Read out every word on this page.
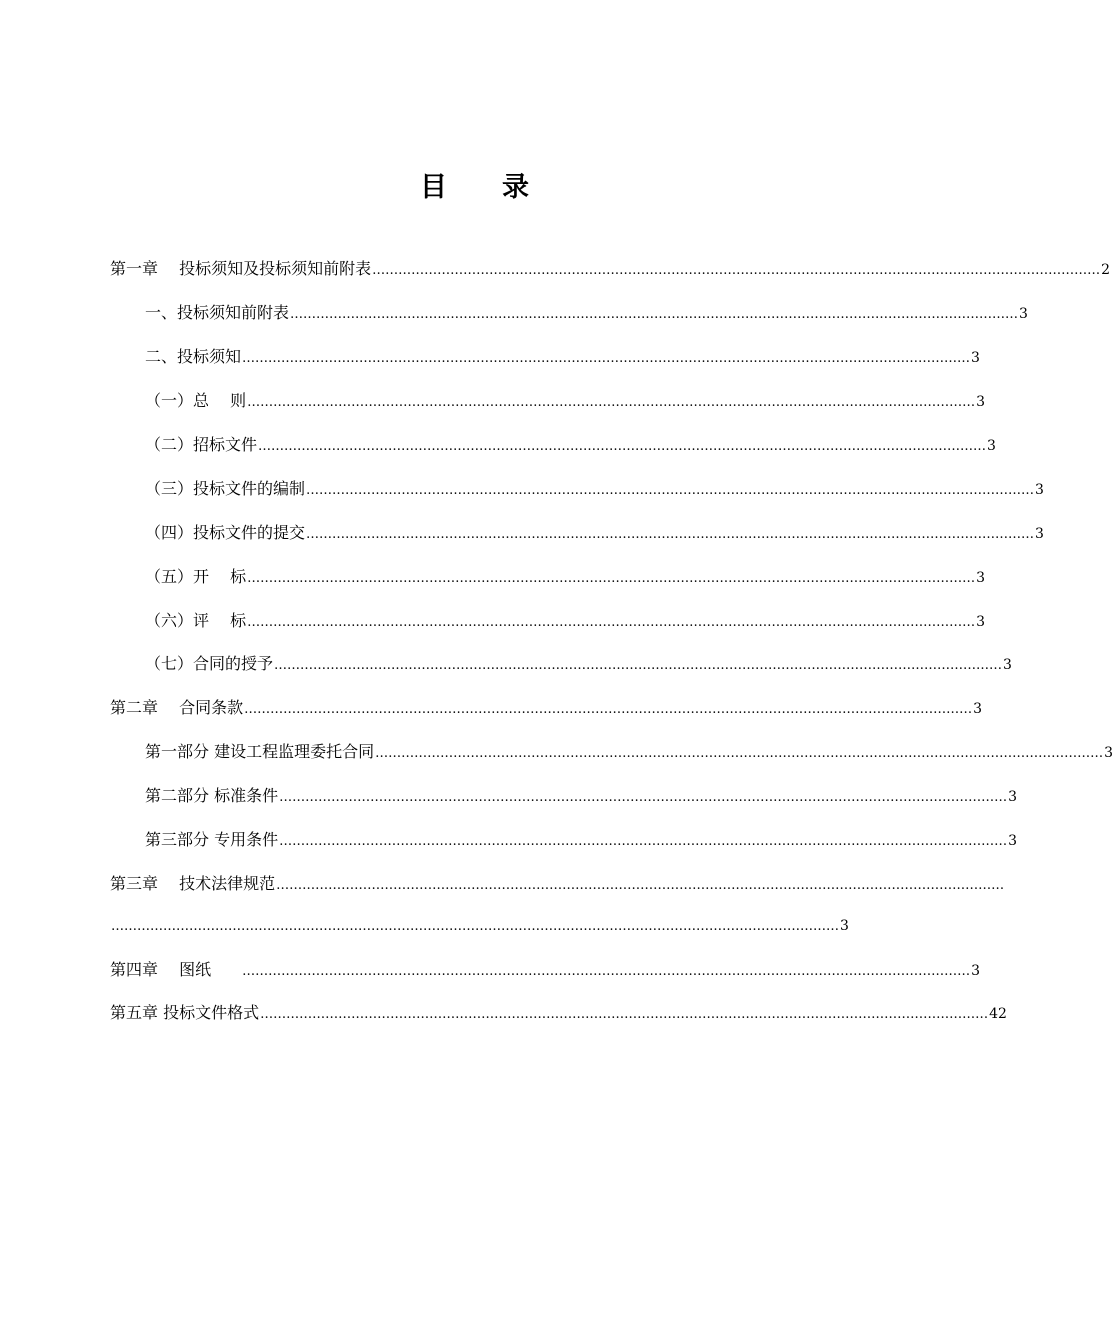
目 录
第一章　 投标须知及投标须知前附表 …………………………………………………………………………………………………………………………………………………… 2
一、投标须知前附表 …………………………………………………………………………………………………………………………………………………… 3
二、投标须知 …………………………………………………………………………………………………………………………………………………… 3
（一）总　 则 …………………………………………………………………………………………………………………………………………………… 3
（二）招标文件 …………………………………………………………………………………………………………………………………………………… 3
（三）投标文件的编制 …………………………………………………………………………………………………………………………………………………… 3
（四）投标文件的提交 …………………………………………………………………………………………………………………………………………………… 3
（五）开　 标 …………………………………………………………………………………………………………………………………………………… 3
（六）评　 标 …………………………………………………………………………………………………………………………………………………… 3
（七）合同的授予 …………………………………………………………………………………………………………………………………………………… 3
第二章　 合同条款 …………………………………………………………………………………………………………………………………………………… 3
第一部分 建设工程监理委托合同 …………………………………………………………………………………………………………………………………………………… 3
第二部分 标准条件 …………………………………………………………………………………………………………………………………………………… 3
第三部分 专用条件 …………………………………………………………………………………………………………………………………………………… 3
第三章　 技术法律规范 ……………………………………………………………………………………………………………………………………………………
…………………………………………………………………………………………………………………………………………………… 3
第四章　 图纸　 …………………………………………………………………………………………………………………………………………………… 3
第五章 投标文件格式 …………………………………………………………………………………………………………………………………………………… 42
